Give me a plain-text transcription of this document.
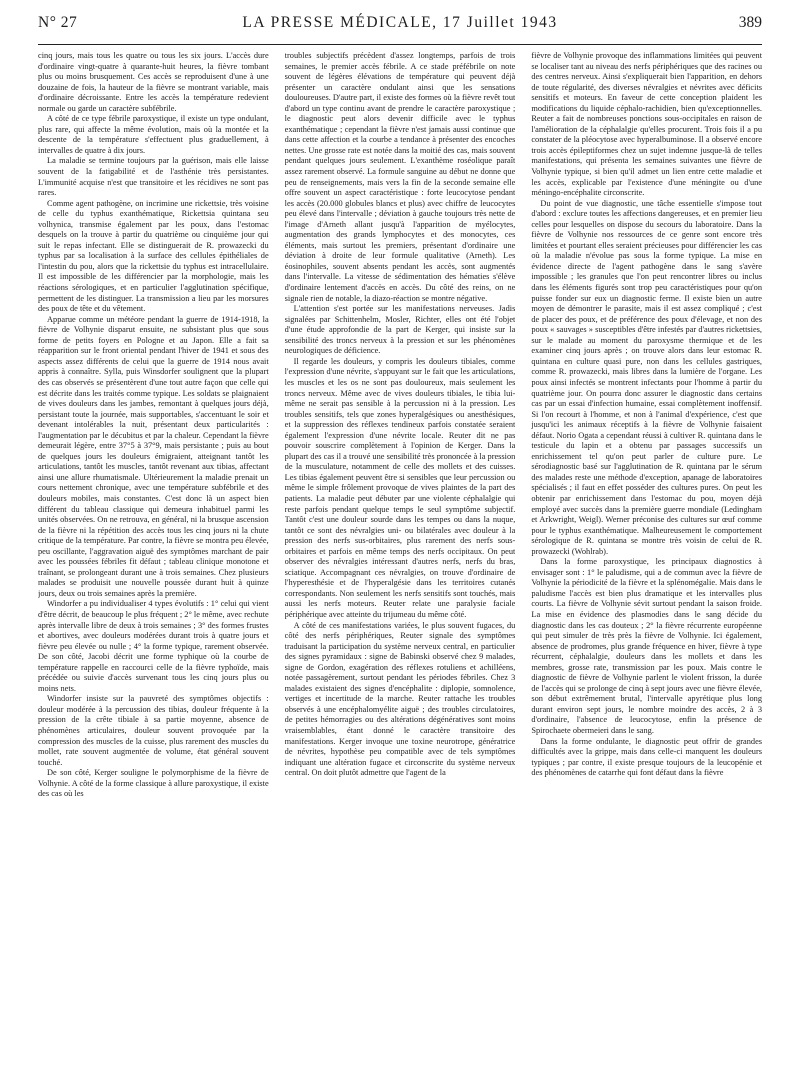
N° 27	LA PRESSE MÉDICALE, 17 Juillet 1943	389

cinq jours, mais tous les quatre ou tous les six jours. L'accès dure d'ordinaire vingt-quatre à quarante-huit heures, la fièvre tombant plus ou moins brusquement. Ces accès se reproduisent d'une à une douzaine de fois, la hauteur de la fièvre se montrant variable, mais d'ordinaire décroissante. Entre les accès la température redevient normale ou garde un caractère subfébrile.

A côté de ce type fébrile paroxystique, il existe un type ondulant, plus rare, qui affecte la même évolution, mais où la montée et la descente de la température s'effectuent plus graduellement, à intervalles de quatre à dix jours.

La maladie se termine toujours par la guérison, mais elle laisse souvent de la fatigabilité et de l'asthénie très persistantes. L'immunité acquise n'est que transitoire et les récidives ne sont pas rares.

Comme agent pathogène, on incrimine une rickettsie, très voisine de celle du typhus exanthématique, Rickettsia quintana seu volhynica, transmise également par les poux, dans l'estomac desquels on la trouve à partir du quatrième ou cinquième jour qui suit le repas infectant. Elle se distinguerait de R. prowazecki du typhus par sa localisation à la surface des cellules épithéliales de l'intestin du pou, alors que la rickettsie du typhus est intracellulaire. Il est impossible de les différencier par la morphologie, mais les réactions sérologiques, et en particulier l'agglutination spécifique, permettent de les distinguer. La transmission a lieu par les morsures des poux de tête et du vêtement.

Apparue comme un météore pendant la guerre de 1914-1918, la fièvre de Volhynie disparut ensuite, ne subsistant plus que sous forme de petits foyers en Pologne et au Japon. Elle a fait sa réapparition sur le front oriental pendant l'hiver de 1941 et sous des aspects assez différents de celui que la guerre de 1914 nous avait appris à connaître. Sylla, puis Winsdorfer soulignent que la plupart des cas observés se présentèrent d'une tout autre façon que celle qui est décrite dans les traités comme typique. Les soldats se plaignaient de vives douleurs dans les jambes, remontant à quelques jours déjà, persistant toute la journée, mais supportables, s'accentuant le soir et devenant intolérables la nuit, présentant deux particularités : l'augmentation par le décubitus et par la chaleur. Cependant la fièvre demeurait légère, entre 37°5 à 37°9, mais persistante ; puis au bout de quelques jours les douleurs émigraient, atteignant tantôt les articulations, tantôt les muscles, tantôt revenant aux tibias, affectant ainsi une allure rhumatismale. Ultérieurement la maladie prenait un cours nettement chronique, avec une température subfébrile et des douleurs mobiles, mais constantes. C'est donc là un aspect bien différent du tableau classique qui demeura inhabituel parmi les unités observées. On ne retrouva, en général, ni la brusque ascension de la fièvre ni la répétition des accès tous les cinq jours ni la chute critique de la température. Par contre, la fièvre se montra peu élevée, peu oscillante, l'aggravation aiguë des symptômes marchant de pair avec les poussées fébriles fit défaut ; tableau clinique monotone et traînant, se prolongeant durant une à trois semaines. Chez plusieurs malades se produisit une nouvelle poussée durant huit à quinze jours, deux ou trois semaines après la première.

Windorfer a pu individualiser 4 types évolutifs : 1° celui qui vient d'être décrit, de beaucoup le plus fréquent ; 2° le même, avec rechute après intervalle libre de deux à trois semaines ; 3° des formes frustes et abortives, avec douleurs modérées durant trois à quatre jours et fièvre peu élevée ou nulle ; 4° la forme typique, rarement observée. De son côté, Jacobi décrit une forme typhique où la courbe de température rappelle en raccourci celle de la fièvre typhoïde, mais précédée ou suivie d'accès survenant tous les cinq jours plus ou moins nets.

Windorfer insiste sur la pauvreté des symptômes objectifs : douleur modérée à la percussion des tibias, douleur fréquente à la pression de la crête tibiale à sa partie moyenne, absence de phénomènes articulaires, douleur souvent provoquée par la compression des muscles de la cuisse, plus rarement des muscles du mollet, rate souvent augmentée de volume, état général souvent touché.

De son côté, Kerger souligne le polymorphisme de la fièvre de Volhynie. A côté de la forme classique à allure paroxystique, il existe des cas où les

troubles subjectifs précèdent d'assez longtemps, parfois de trois semaines, le premier accès fébrile. A ce stade préfébrile on note souvent de légères élévations de température qui peuvent déjà présenter un caractère ondulant ainsi que les sensations douloureuses. D'autre part, il existe des formes où la fièvre revêt tout d'abord un type continu avant de prendre le caractère paroxystique ; le diagnostic peut alors devenir difficile avec le typhus exanthématique ; cependant la fièvre n'est jamais aussi continue que dans cette affection et la courbe a tendance à présenter des encoches nettes. Une grosse rate est notée dans la moitié des cas, mais souvent pendant quelques jours seulement. L'exanthème roséolique paraît assez rarement observé. La formule sanguine au début ne donne que peu de renseignements, mais vers la fin de la seconde semaine elle offre souvent un aspect caractéristique : forte leucocytose pendant les accès (20.000 globules blancs et plus) avec chiffre de leucocytes peu élevé dans l'intervalle ; déviation à gauche toujours très nette de l'image d'Arneth allant jusqu'à l'apparition de myélocytes, augmentation des grands lymphocytes et des monocytes, ces éléments, mais surtout les premiers, présentant d'ordinaire une déviation à droite de leur formule qualitative (Arneth). Les éosinophiles, souvent absents pendant les accès, sont augmentés dans l'intervalle. La vitesse de sédimentation des hématies s'élève d'ordinaire lentement d'accès en accès. Du côté des reins, on ne signale rien de notable, la diazo-réaction se montre négative.

L'attention s'est portée sur les manifestations nerveuses. Jadis signalées par Schittenhelm, Mosler, Richter, elles ont été l'objet d'une étude approfondie de la part de Kerger, qui insiste sur la sensibilité des troncs nerveux à la pression et sur les phénomènes neurologiques de déficience.

Il regarde les douleurs, y compris les douleurs tibiales, comme l'expression d'une névrite, s'appuyant sur le fait que les articulations, les muscles et les os ne sont pas douloureux, mais seulement les troncs nerveux. Même avec de vives douleurs tibiales, le tibia lui-même ne serait pas sensible à la percussion ni à la pression. Les troubles sensitifs, tels que zones hyperalgésiques ou anesthésiques, et la suppression des réflexes tendineux parfois constatée seraient également l'expression d'une névrite locale. Reuter dit ne pas pouvoir souscrire complètement à l'opinion de Kerger. Dans la plupart des cas il a trouvé une sensibilité très prononcée à la pression de la musculature, notamment de celle des mollets et des cuisses. Les tibias également peuvent être si sensibles que leur percussion ou même le simple frôlement provoque de vives plaintes de la part des patients. La maladie peut débuter par une violente céphalalgie qui reste parfois pendant quelque temps le seul symptôme subjectif. Tantôt c'est une douleur sourde dans les tempes ou dans la nuque, tantôt ce sont des névralgies uni- ou bilatérales avec douleur à la pression des nerfs sus-orbitaires, plus rarement des nerfs sous-orbitaires et parfois en même temps des nerfs occipitaux. On peut observer des névralgies intéressant d'autres nerfs, nerfs du bras, sciatique. Accompagnant ces névralgies, on trouve d'ordinaire de l'hyperesthésie et de l'hyperalgésie dans les territoires cutanés correspondants. Non seulement les nerfs sensitifs sont touchés, mais aussi les nerfs moteurs. Reuter relate une paralysie faciale périphérique avec atteinte du trijumeau du même côté.

A côté de ces manifestations variées, le plus souvent fugaces, du côté des nerfs périphériques, Reuter signale des symptômes traduisant la participation du système nerveux central, en particulier des signes pyramidaux : signe de Babinski observé chez 9 malades, signe de Gordon, exagération des réflexes rotuliens et achilléens, notée passagèrement, surtout pendant les périodes fébriles. Chez 3 malades existaient des signes d'encéphalite : diplopie, somnolence, vertiges et incertitude de la marche. Reuter rattache les troubles observés à une encéphalomyélite aiguë ; des troubles circulatoires, de petites hémorragies ou des altérations dégénératives sont moins vraisemblables, étant donné le caractère transitoire des manifestations. Kerger invoque une toxine neurotrope, génératrice de névrites, hypothèse peu compatible avec de tels symptômes indiquant une altération fugace et circonscrite du système nerveux central. On doit plutôt admettre que l'agent de la

fièvre de Volhynie provoque des inflammations limitées qui peuvent se localiser tant au niveau des nerfs périphériques que des racines ou des centres nerveux. Ainsi s'expliquerait bien l'apparition, en dehors de toute régularité, des diverses névralgies et névrites avec déficits sensitifs et moteurs. En faveur de cette conception plaident les modifications du liquide céphalo-rachidien, bien qu'exceptionnelles. Reuter a fait de nombreuses ponctions sous-occipitales en raison de l'amélioration de la céphalalgie qu'elles procurent. Trois fois il a pu constater de la pléocytose avec hyperalbuminose. Il a observé encore trois accès épileptiformes chez un sujet indemne jusque-là de telles manifestations, qui présenta les semaines suivantes une fièvre de Volhynie typique, si bien qu'il admet un lien entre cette maladie et les accès, explicable par l'existence d'une méningite ou d'une méningo-encéphalite circonscrite.

Du point de vue diagnostic, une tâche essentielle s'impose tout d'abord : exclure toutes les affections dangereuses, et en premier lieu celles pour lesquelles on dispose du secours du laboratoire. Dans la fièvre de Volhynie nos ressources de ce genre sont encore très limitées et pourtant elles seraient précieuses pour différencier les cas où la maladie n'évolue pas sous la forme typique. La mise en évidence directe de l'agent pathogène dans le sang s'avère impossible ; les granules que l'on peut rencontrer libres ou inclus dans les éléments figurés sont trop peu caractéristiques pour qu'on puisse fonder sur eux un diagnostic ferme. Il existe bien un autre moyen de démontrer le parasite, mais il est assez compliqué ; c'est de placer des poux, et de préférence des poux d'élevage, et non des poux « sauvages » susceptibles d'être infestés par d'autres rickettsies, sur le malade au moment du paroxysme thermique et de les examiner cinq jours après ; on trouve alors dans leur estomac R. quintana en culture quasi pure, non dans les cellules gastriques, comme R. prowazecki, mais libres dans la lumière de l'organe. Les poux ainsi infectés se montrent infectants pour l'homme à partir du quatrième jour. On pourra donc assurer le diagnostic dans certains cas par un essai d'infection humaine, essai complètement inoffensif. Si l'on recourt à l'homme, et non à l'animal d'expérience, c'est que jusqu'ici les animaux réceptifs à la fièvre de Volhynie faisaient défaut. Norio Ogata a cependant réussi à cultiver R. quintana dans le testicule du lapin et a obtenu par passages successifs un enrichissement tel qu'on peut parler de culture pure. Le sérodiagnostic basé sur l'agglutination de R. quintana par le sérum des malades reste une méthode d'exception, apanage de laboratoires spécialisés ; il faut en effet posséder des cultures pures. On peut les obtenir par enrichissement dans l'estomac du pou, moyen déjà employé avec succès dans la première guerre mondiale (Ledingham et Arkwright, Weigl). Werner préconise des cultures sur œuf comme pour le typhus exanthématique. Malheureusement le comportement sérologique de R. quintana se montre très voisin de celui de R. prowazecki (Wohlrab).

Dans la forme paroxystique, les principaux diagnostics à envisager sont : 1° le paludisme, qui a de commun avec la fièvre de Volhynie la périodicité de la fièvre et la splénomégalie. Mais dans le paludisme l'accès est bien plus dramatique et les intervalles plus courts. La fièvre de Volhynie sévit surtout pendant la saison froide. La mise en évidence des plasmodies dans le sang décide du diagnostic dans les cas douteux ; 2° la fièvre récurrente européenne qui peut simuler de très près la fièvre de Volhynie. Ici également, absence de prodromes, plus grande fréquence en hiver, fièvre à type récurrent, céphalalgie, douleurs dans les mollets et dans les membres, grosse rate, transmission par les poux. Mais contre le diagnostic de fièvre de Volhynie parlent le violent frisson, la durée de l'accès qui se prolonge de cinq à sept jours avec une fièvre élevée, son début extrêmement brutal, l'intervalle apyrétique plus long durant environ sept jours, le nombre moindre des accès, 2 à 3 d'ordinaire, l'absence de leucocytose, enfin la présence de Spirochaete obermeieri dans le sang.

Dans la forme ondulante, le diagnostic peut offrir de grandes difficultés avec la grippe, mais dans celle-ci manquent les douleurs typiques ; par contre, il existe presque toujours de la leucopénie et des phénomènes de catarrhe qui font défaut dans la fièvre
